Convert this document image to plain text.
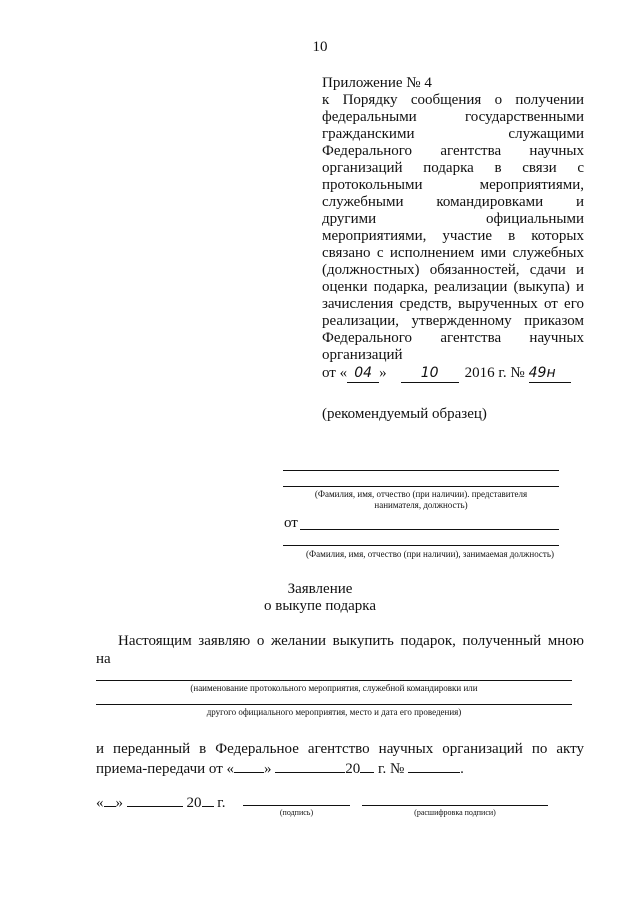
10
Приложение № 4
к Порядку сообщения о получении
федеральными государственными
гражданскими служащими
Федерального агентства научных
организаций подарка в связи с
протокольными мероприятиями,
служебными командировками и
другими официальными
мероприятиями, участие в которых
связано с исполнением ими служебных
(должностных) обязанностей, сдачи и
оценки подарка, реализации (выкупа) и
зачисления средств, вырученных от его
реализации, утвержденному приказом
Федерального агентства научных
организаций
от « 04 » 10 2016 г. № 49н
(рекомендуемый образец)
(Фамилия, имя, отчество (при наличии). представителя
нанимателя, должность)
от
(Фамилия, имя, отчество (при наличии), занимаемая должность)
Заявление
о выкупе подарка
Настоящим заявляю о желании выкупить подарок, полученный мною
на
(наименование протокольного мероприятия, служебной командировки или
другого официального мероприятия, место и дата его проведения)
и переданный в Федеральное агентство научных организаций по акту
приема-передачи от « »	20 г. №	.
« »	20 г.
(подпись)	(расшифровка подписи)
